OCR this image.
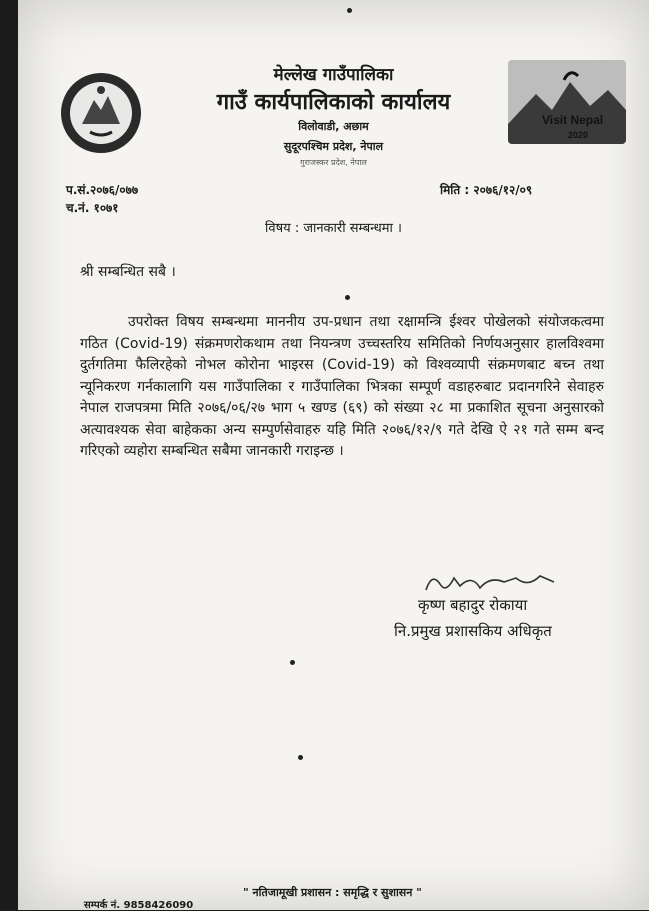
Visit Nepal
2020
मेल्लेख गाउँपालिका
गाउँ कार्यपालिकाको कार्यालय
विलोवाडी, अछाम
सुदूरपश्चिम प्रदेश, नेपाल
गुराजस्कर प्रदेश, नेपाल
प.सं.२०७६/०७७
च.नं. १०७१
मिति : २०७६/१२/०९
विषय : जानकारी सम्बन्धमा ।
श्री सम्बन्धित सबै ।
उपरोक्त विषय सम्बन्धमा माननीय उप-प्रधान तथा रक्षामन्त्रि ईश्वर पोखेलको संयोजकत्वमा गठित (Covid-19) संक्रमणरोकथाम तथा नियन्त्रण उच्चस्तरिय समितिको निर्णयअनुसार हालविश्वमा दुर्तगतिमा फैलिरहेको नोभल कोरोना भाइरस (Covid-19) को विश्वव्यापी संक्रमणबाट बच्न तथा न्यूनिकरण गर्नकालागि यस गाउँपालिका र गाउँपालिका भित्रका सम्पूर्ण वडाहरुबाट प्रदानगरिने सेवाहरु नेपाल राजपत्रमा मिति २०७६/०६/२७ भाग ५ खण्ड (६९) को संख्या २८ मा प्रकाशित सूचना अनुसारको अत्यावश्यक सेवा बाहेकका अन्य सम्पुर्णसेवाहरु यहि मिति २०७६/१२/९ गते देखि ऐ २१ गते सम्म बन्द गरिएको व्यहोरा सम्बन्धित सबैमा जानकारी गराइन्छ ।
कृष्ण बहादुर रोकाया
नि.प्रमुख प्रशासकिय अधिकृत
" नतिजामूखी प्रशासन : समृद्धि र सुशासन "
सम्पर्क नं. 9858426090
